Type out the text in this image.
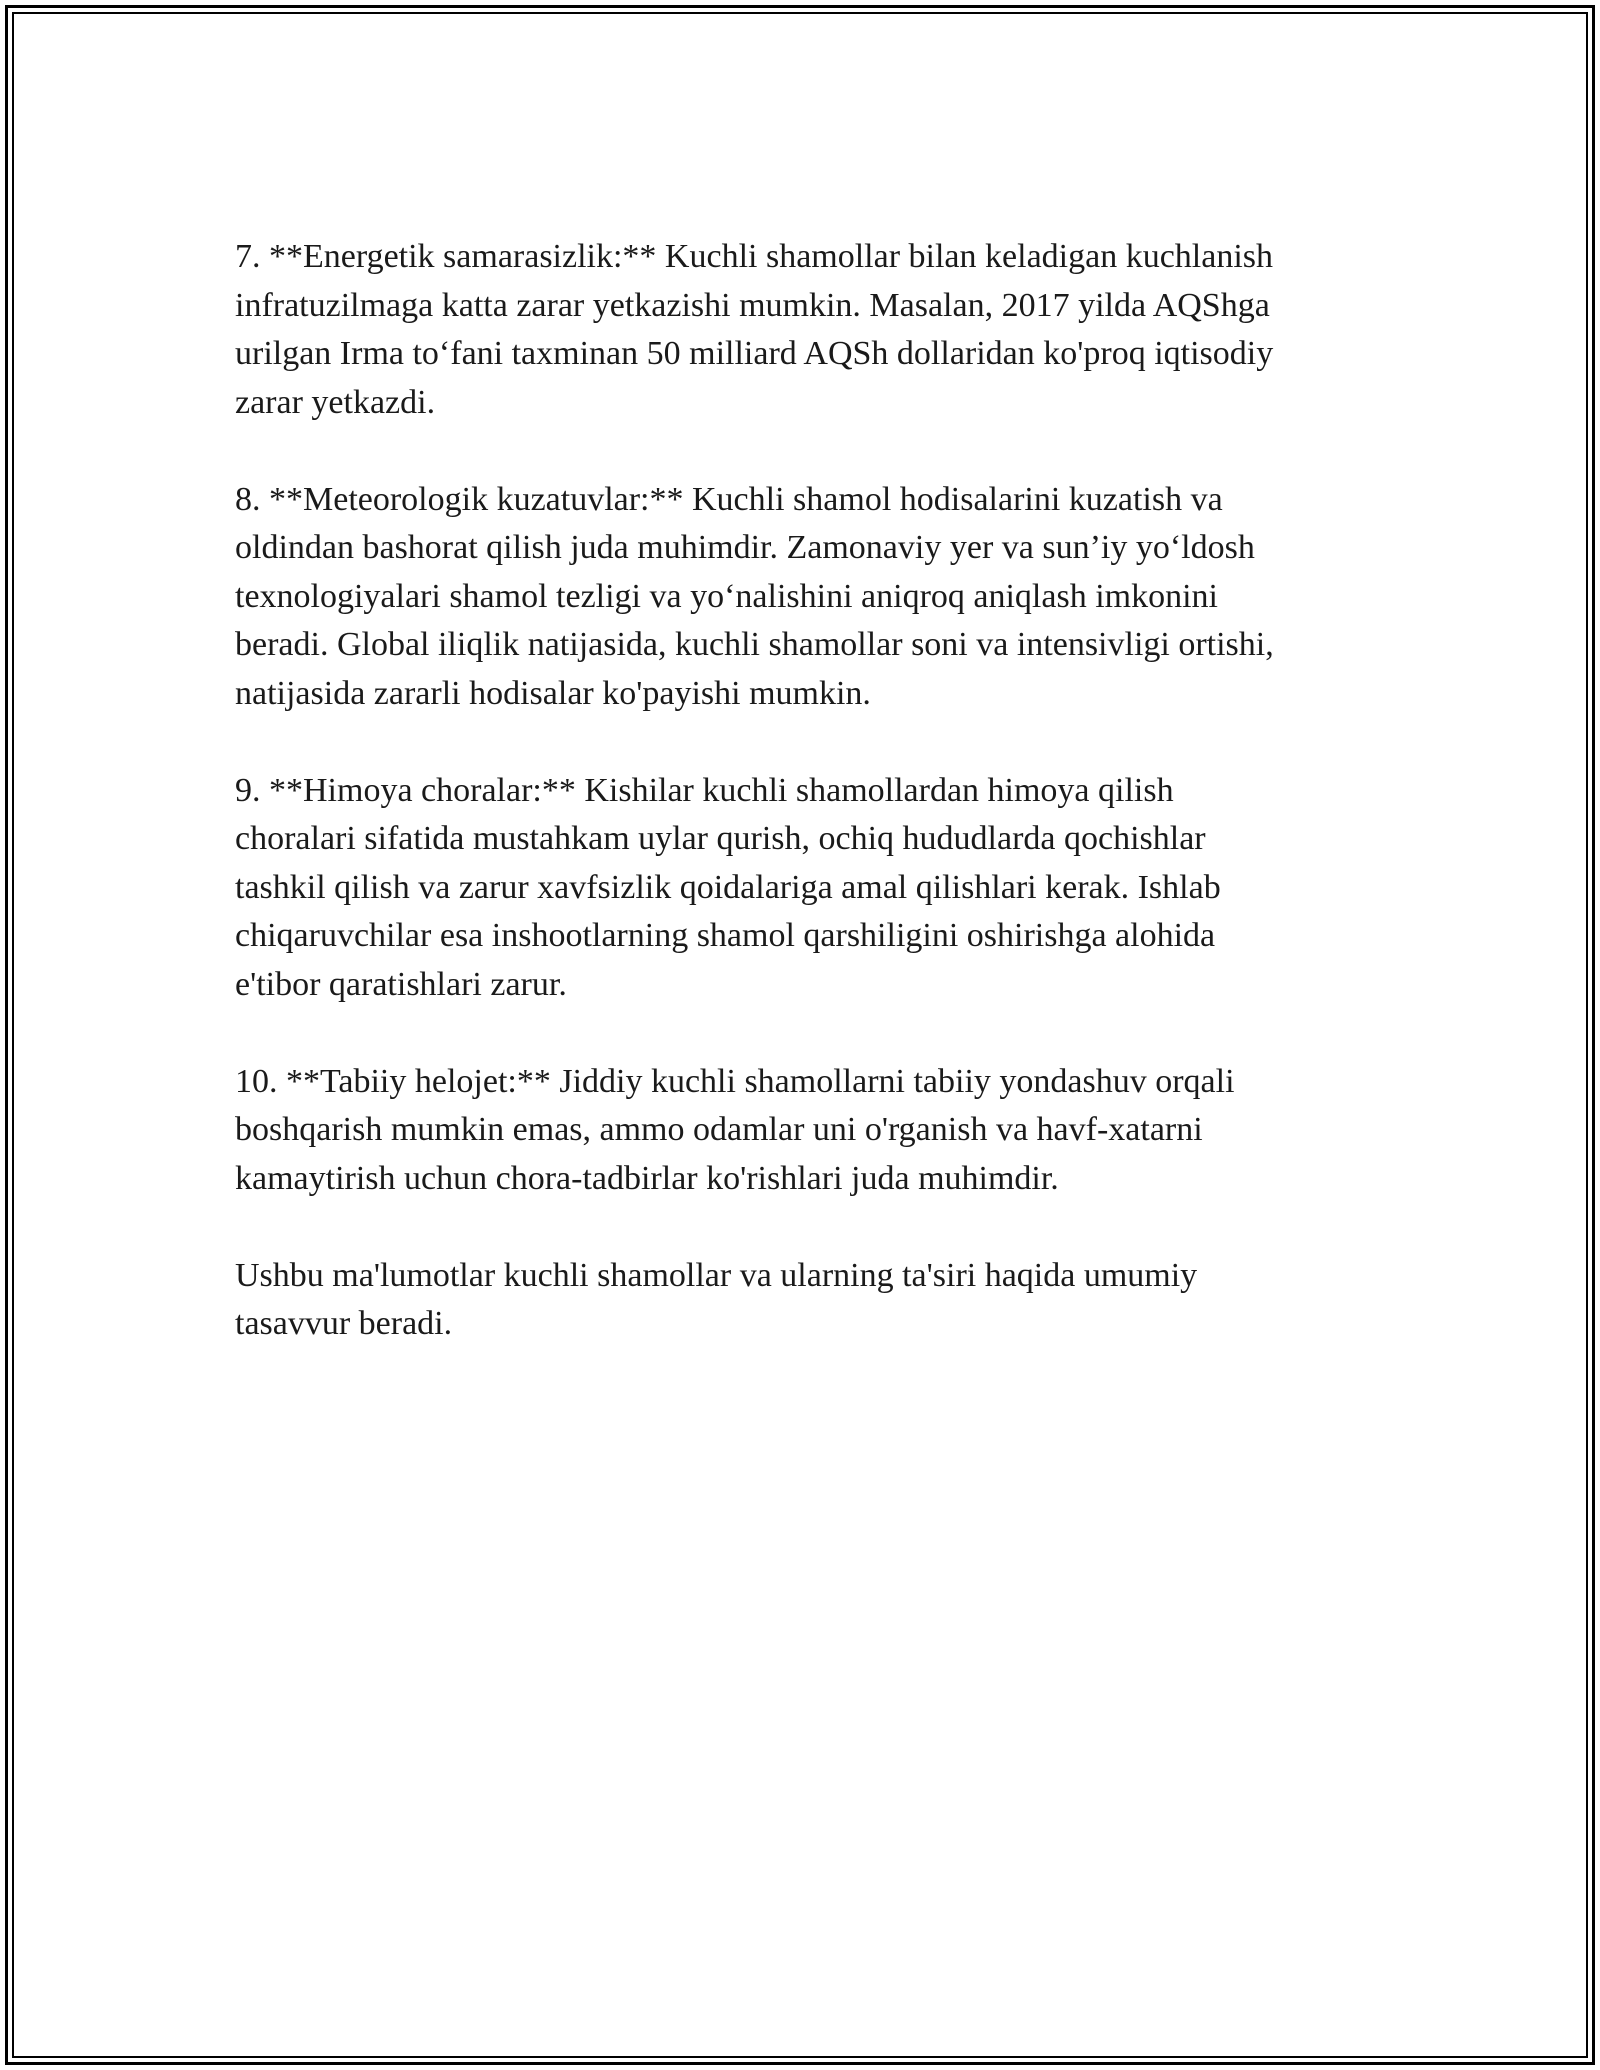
7. **Energetik samarasizlik:** Kuchli shamollar bilan keladigan kuchlanish
infratuzilmaga katta zarar yetkazishi mumkin. Masalan, 2017 yilda AQShga
urilgan Irma to‘fani taxminan 50 milliard AQSh dollaridan ko'proq iqtisodiy
zarar yetkazdi.

8. **Meteorologik kuzatuvlar:** Kuchli shamol hodisalarini kuzatish va
oldindan bashorat qilish juda muhimdir. Zamonaviy yer va sun’iy yo‘ldosh
texnologiyalari shamol tezligi va yo‘nalishini aniqroq aniqlash imkonini
beradi. Global iliqlik natijasida, kuchli shamollar soni va intensivligi ortishi,
natijasida zararli hodisalar ko'payishi mumkin.

9. **Himoya choralar:** Kishilar kuchli shamollardan himoya qilish
choralari sifatida mustahkam uylar qurish, ochiq hududlarda qochishlar
tashkil qilish va zarur xavfsizlik qoidalariga amal qilishlari kerak. Ishlab
chiqaruvchilar esa inshootlarning shamol qarshiligini oshirishga alohida
e'tibor qaratishlari zarur.

10. **Tabiiy helojet:** Jiddiy kuchli shamollarni tabiiy yondashuv orqali
boshqarish mumkin emas, ammo odamlar uni o'rganish va havf-xatarni
kamaytirish uchun chora-tadbirlar ko'rishlari juda muhimdir.

Ushbu ma'lumotlar kuchli shamollar va ularning ta'siri haqida umumiy
tasavvur beradi.
